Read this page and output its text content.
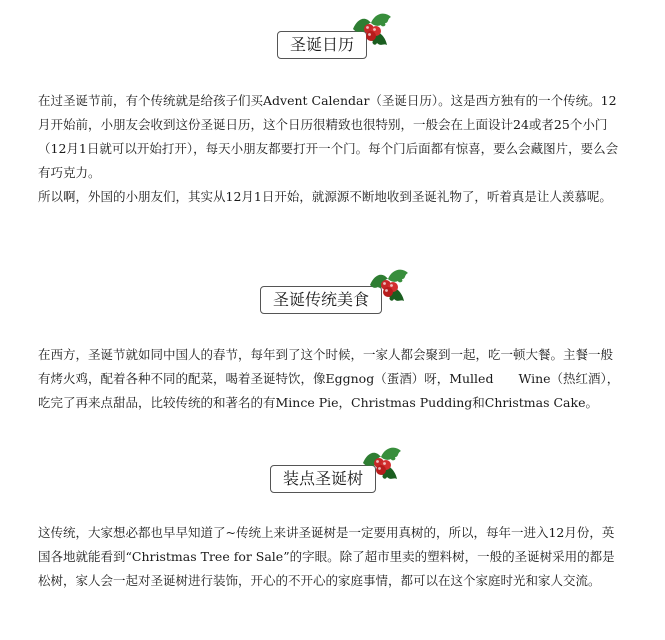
圣诞日历

在过圣诞节前，有个传统就是给孩子们买Advent Calendar（圣诞日历）。这是西方独有的一个传统。12月开始前，小朋友会收到这份圣诞日历，这个日历很精致也很特别，一般会在上面设计24或者25个小门（12月1日就可以开始打开），每天小朋友都要打开一个门。每个门后面都有惊喜，要么会藏图片，要么会有巧克力。

所以啊，外国的小朋友们，其实从12月1日开始，就源源不断地收到圣诞礼物了，听着真是让人羡慕呢。

圣诞传统美食

在西方，圣诞节就如同中国人的春节，每年到了这个时候，一家人都会聚到一起，吃一顿大餐。主餐一般有烤火鸡，配着各种不同的配菜，喝着圣诞特饮，像Eggnog（蛋酒）呀，Mulled　　Wine（热红酒），吃完了再来点甜品，比较传统的和著名的有Mince Pie，Christmas Pudding和Christmas Cake。

装点圣诞树

这传统，大家想必都也早早知道了~传统上来讲圣诞树是一定要用真树的，所以，每年一进入12月份，英国各地就能看到“Christmas Tree for Sale”的字眼。除了超市里卖的塑料树，一般的圣诞树采用的都是松树，家人会一起对圣诞树进行装饰，开心的不开心的家庭事情，都可以在这个家庭时光和家人交流。
